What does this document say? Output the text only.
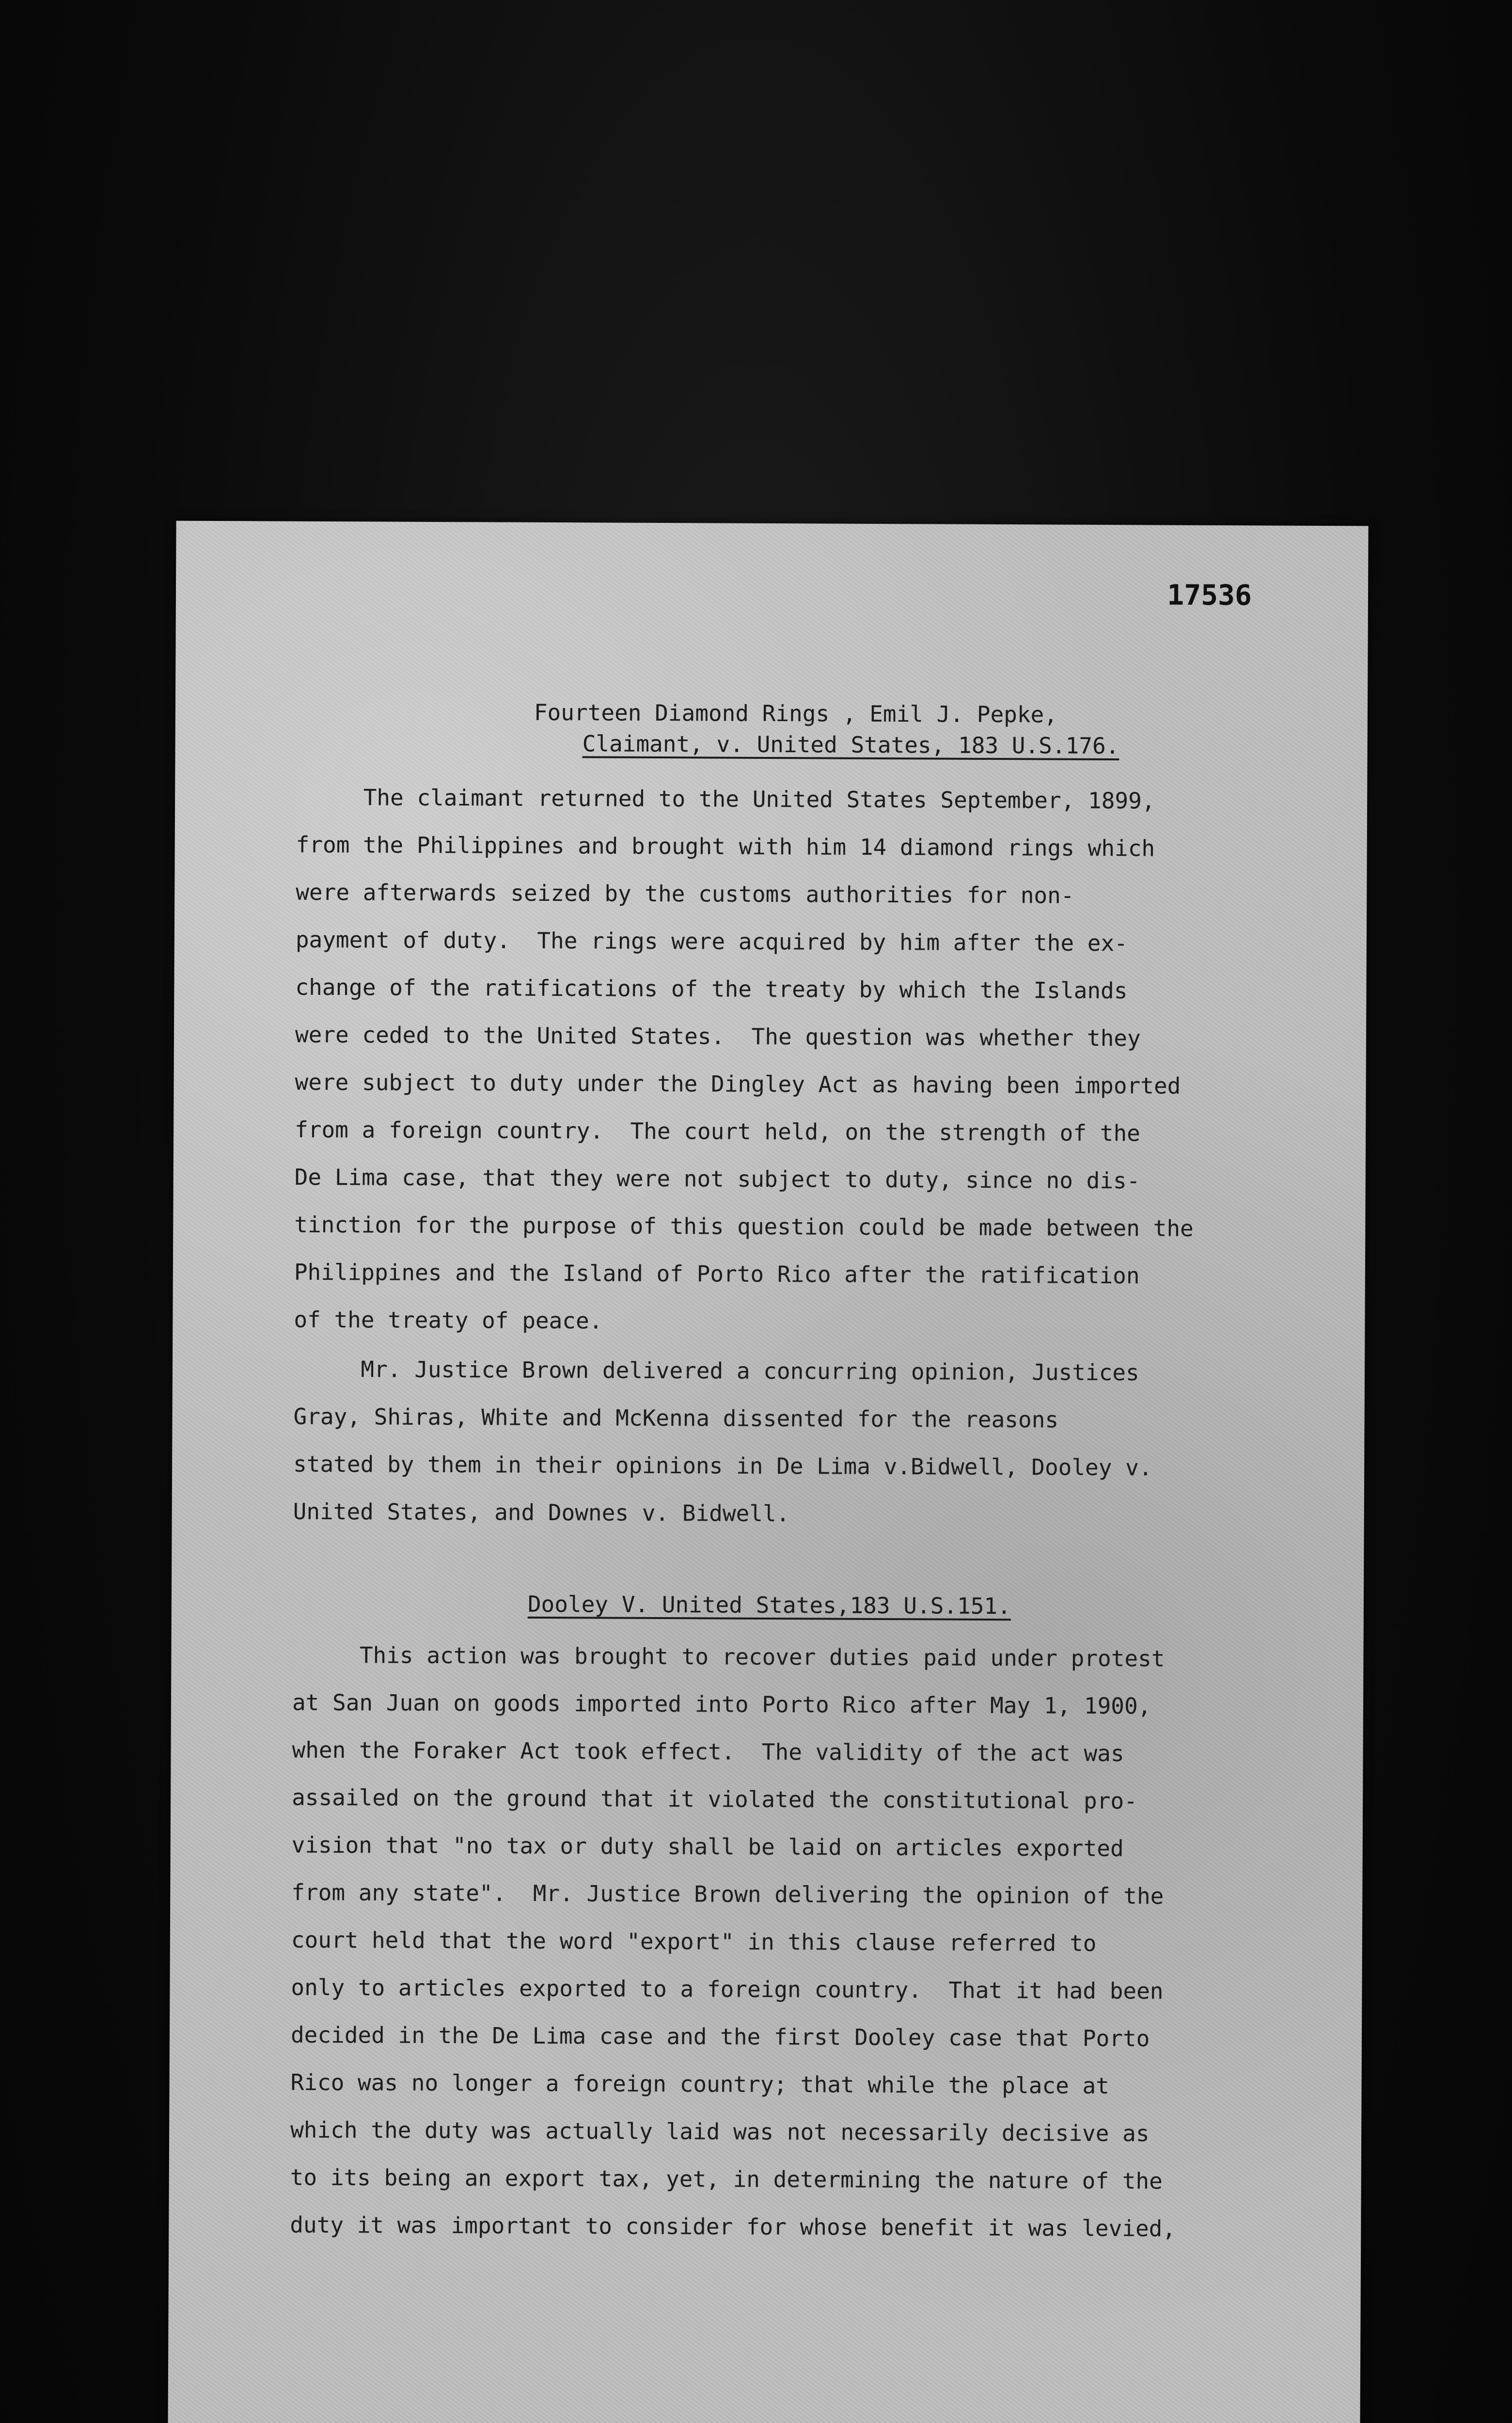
17536
Fourteen Diamond Rings , Emil J. Pepke,
Claimant, v. United States, 183 U.S.176.

The claimant returned to the United States September, 1899,
from the Philippines and brought with him 14 diamond rings which
were afterwards seized by the customs authorities for non-
payment of duty.  The rings were acquired by him after the ex-
change of the ratifications of the treaty by which the Islands
were ceded to the United States.  The question was whether they
were subject to duty under the Dingley Act as having been imported
from a foreign country.  The court held, on the strength of the
De Lima case, that they were not subject to duty, since no dis-
tinction for the purpose of this question could be made between the
Philippines and the Island of Porto Rico after the ratification
of the treaty of peace.

Mr. Justice Brown delivered a concurring opinion, Justices
Gray, Shiras, White and McKenna dissented for the reasons
stated by them in their opinions in De Lima v.Bidwell, Dooley v.
United States, and Downes v. Bidwell.

Dooley V. United States,183 U.S.151.

This action was brought to recover duties paid under protest
at San Juan on goods imported into Porto Rico after May 1, 1900,
when the Foraker Act took effect.  The validity of the act was
assailed on the ground that it violated the constitutional pro-
vision that "no tax or duty shall be laid on articles exported
from any state".  Mr. Justice Brown delivering the opinion of the
court held that the word "export" in this clause referred to
only to articles exported to a foreign country.  That it had been
decided in the De Lima case and the first Dooley case that Porto
Rico was no longer a foreign country; that while the place at
which the duty was actually laid was not necessarily decisive as
to its being an export tax, yet, in determining the nature of the
duty it was important to consider for whose benefit it was levied,
